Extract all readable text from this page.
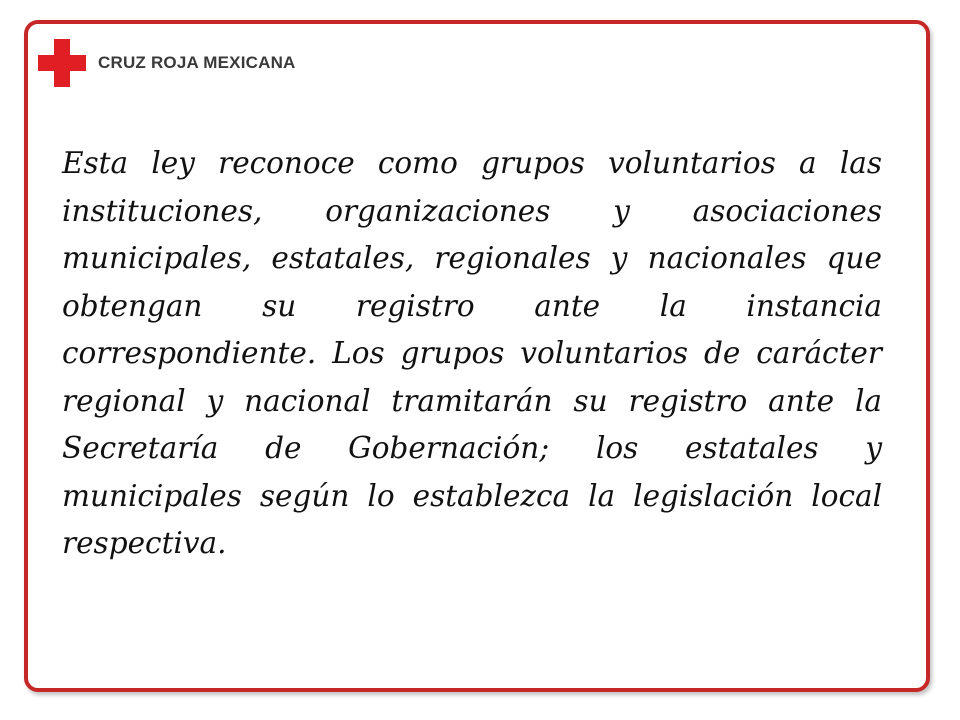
CRUZ ROJA MEXICANA

Esta ley reconoce como grupos voluntarios a las instituciones, organizaciones y asociaciones municipales, estatales, regionales y nacionales que obtengan su registro ante la instancia correspondiente. Los grupos voluntarios de carácter regional y nacional tramitarán su registro ante la Secretaría de Gobernación; los estatales y municipales según lo establezca la legislación local respectiva.
